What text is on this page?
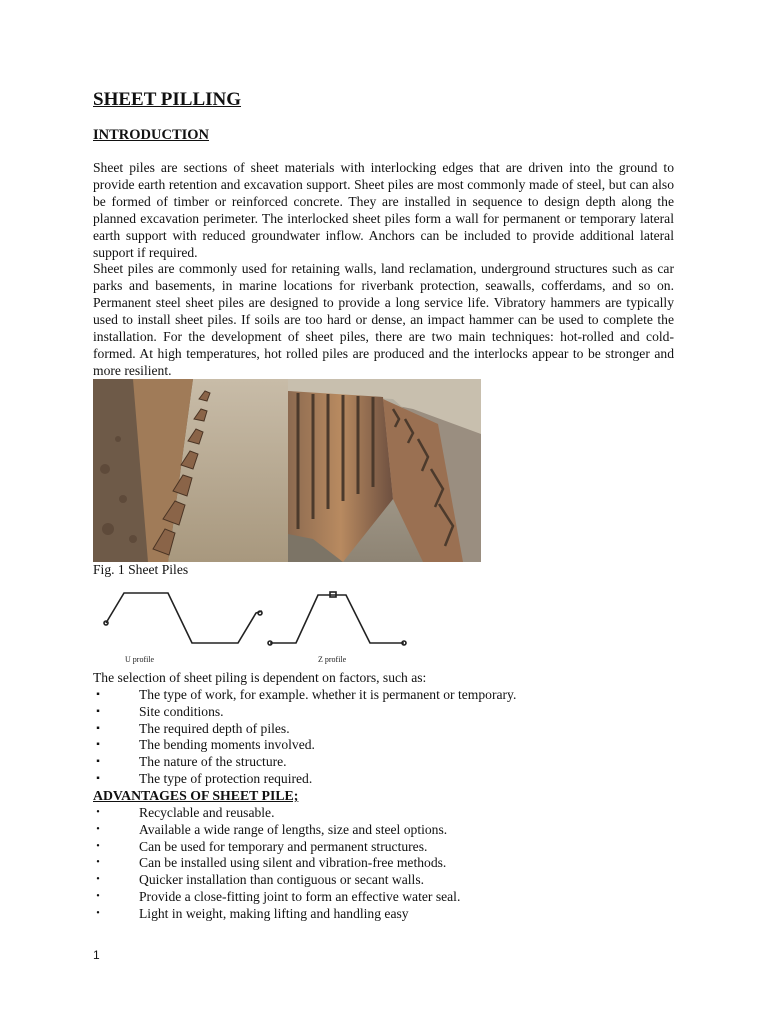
SHEET PILLING
INTRODUCTION

Sheet piles are sections of sheet materials with interlocking edges that are driven into the ground to provide earth retention and excavation support. Sheet piles are most commonly made of steel, but can also be formed of timber or reinforced concrete. They are installed in sequence to design depth along the planned excavation perimeter. The interlocked sheet piles form a wall for permanent or temporary lateral earth support with reduced groundwater inflow. Anchors can be included to provide additional lateral support if required.

Sheet piles are commonly used for retaining walls, land reclamation, underground structures such as car parks and basements, in marine locations for riverbank protection, seawalls, cofferdams, and so on. Permanent steel sheet piles are designed to provide a long service life. Vibratory hammers are typically used to install sheet piles. If soils are too hard or dense, an impact hammer can be used to complete the installation. For the development of sheet piles, there are two main techniques: hot-rolled and cold-formed. At high temperatures, hot rolled piles are produced and the interlocks appear to be stronger and more resilient.

Fig. 1 Sheet Piles
U profile	Z profile
The selection of sheet piling is dependent on factors, such as:
▪	The type of work, for example. whether it is permanent or temporary.
▪	Site conditions.
▪	The required depth of piles.
▪	The bending moments involved.
▪	The nature of the structure.
▪	The type of protection required.
ADVANTAGES OF SHEET PILE;
•	Recyclable and reusable.
•	Available a wide range of lengths, size and steel options.
•	Can be used for temporary and permanent structures.
•	Can be installed using silent and vibration-free methods.
•	Quicker installation than contiguous or secant walls.
•	Provide a close-fitting joint to form an effective water seal.
•	Light in weight, making lifting and handling easy
1
